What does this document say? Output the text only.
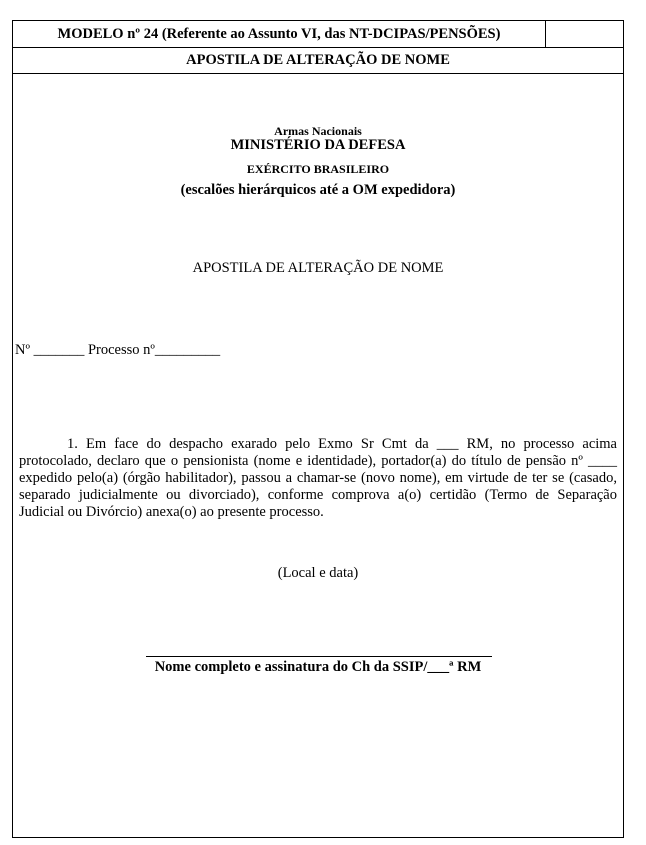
MODELO nº 24 (Referente ao Assunto VI, das NT-DCIPAS/PENSÕES)
APOSTILA DE ALTERAÇÃO DE NOME
Armas Nacionais
MINISTÉRIO DA DEFESA
EXÉRCITO BRASILEIRO
(escalões hierárquicos até a OM expedidora)
APOSTILA DE ALTERAÇÃO DE NOME
Nº _______ Processo nº_________
1. Em face do despacho exarado pelo Exmo Sr Cmt da ___ RM, no processo acima protocolado, declaro que o pensionista (nome e identidade), portador(a) do título de pensão nº ____ expedido pelo(a) (órgão habilitador), passou a chamar-se (novo nome), em virtude de ter se (casado, separado judicialmente ou divorciado), conforme comprova a(o) certidão (Termo de Separação Judicial ou Divórcio) anexa(o) ao presente processo.
(Local e data)
Nome completo e assinatura do Ch da SSIP/___ª RM
